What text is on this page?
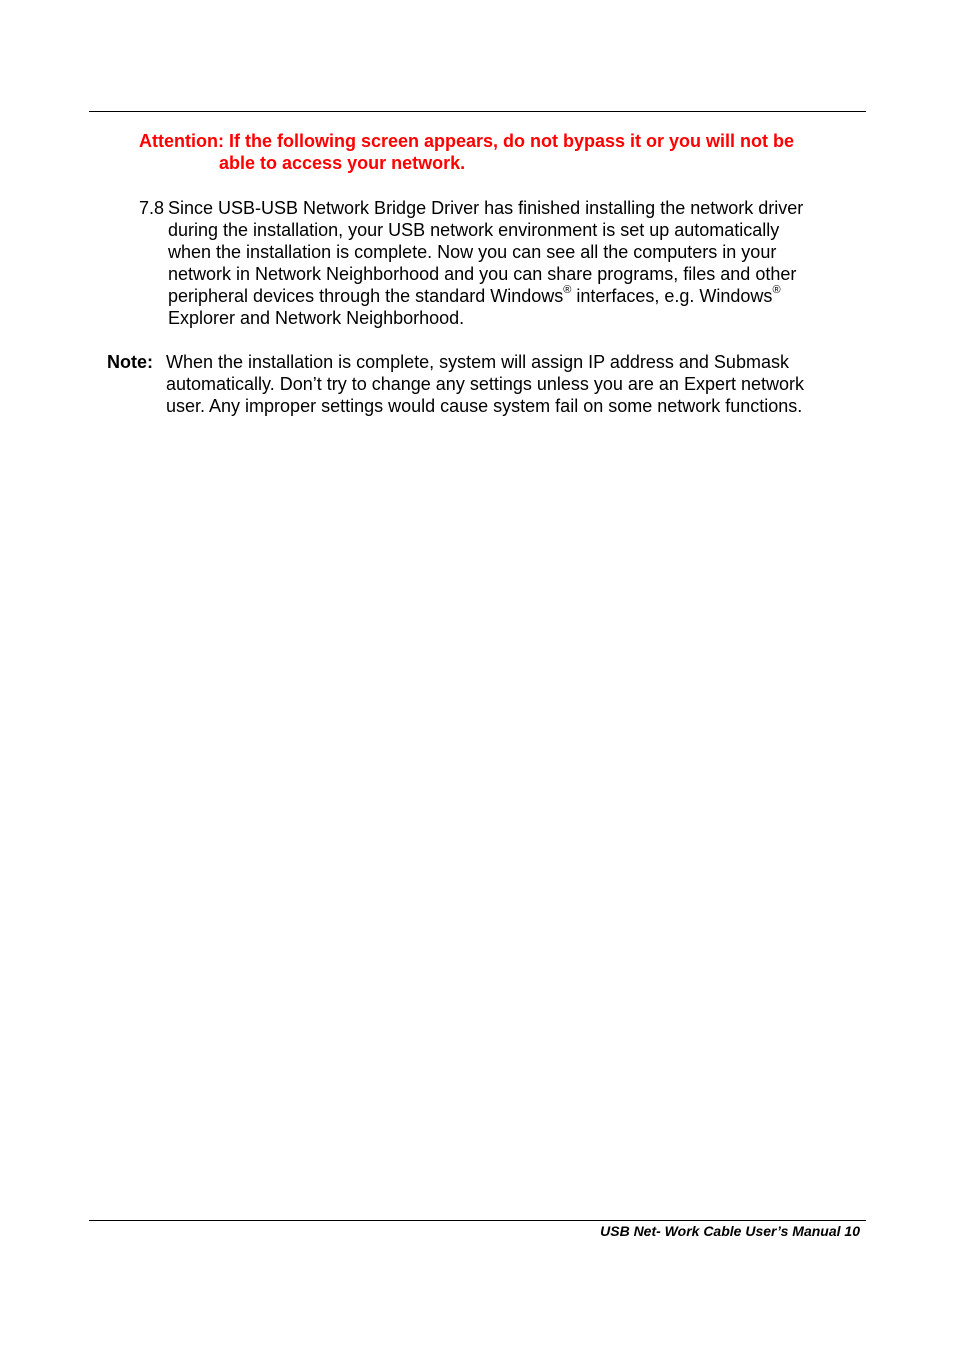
Attention: If the following screen appears, do not bypass it or you will not be
able to access your network.
7.8 Since USB-USB Network Bridge Driver has finished installing the network driver
during the installation, your USB network environment is set up automatically
when the installation is complete. Now you can see all the computers in your
network in Network Neighborhood and you can share programs, files and other
peripheral devices through the standard Windows® interfaces, e.g. Windows®
Explorer and Network Neighborhood.
Note: When the installation is complete, system will assign IP address and Submask
automatically. Don’t try to change any settings unless you are an Expert network
user. Any improper settings would cause system fail on some network functions.
USB Net- Work Cable User’s Manual 10
